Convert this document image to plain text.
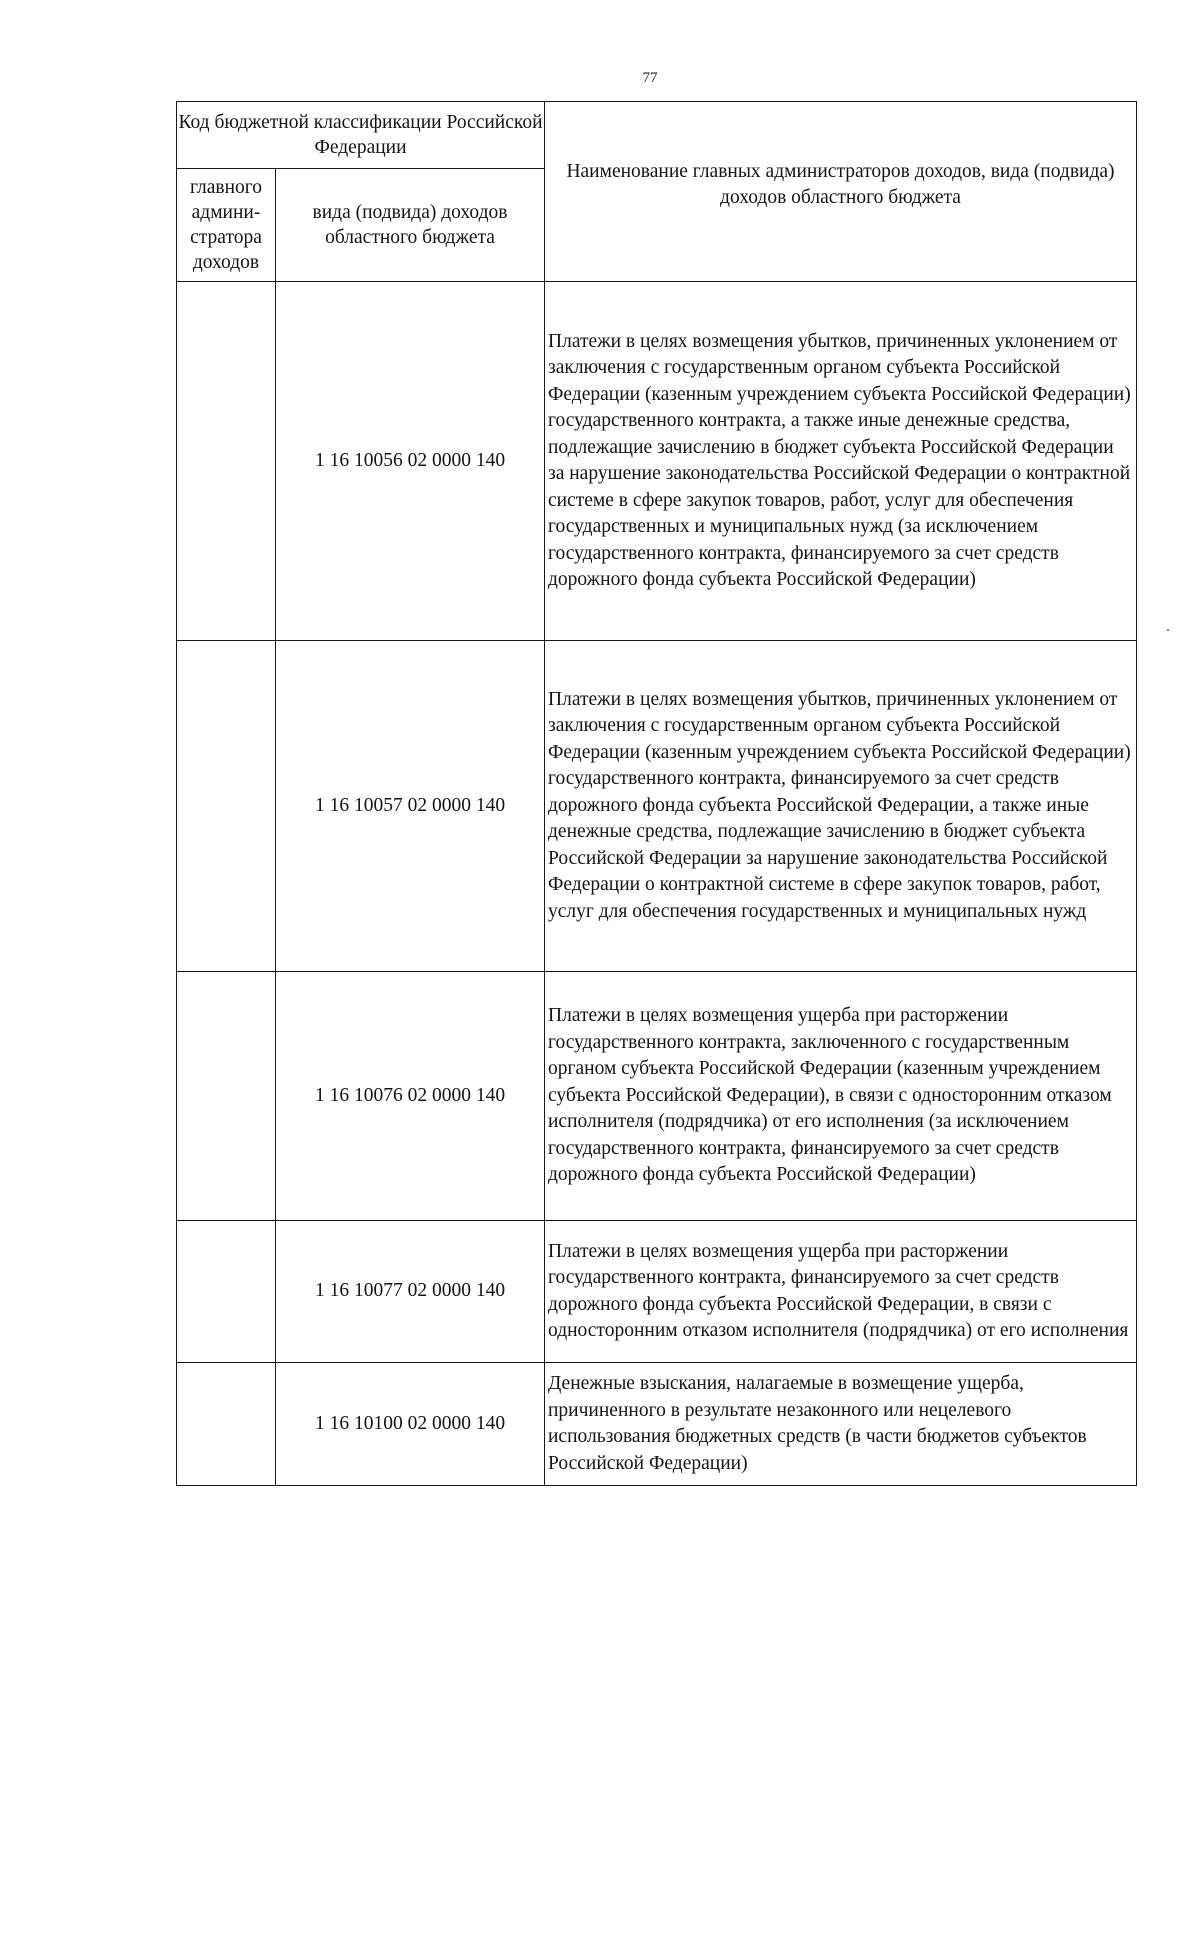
77
Код бюджетной классификации Российской Федерации		Наименование главных администраторов доходов, вида (подвида) доходов областного бюджета
главного админи-стратора доходов	вида (подвида) доходов областного бюджета	
	1 16 10056 02 0000 140	Платежи в целях возмещения убытков, причиненных уклонением от заключения с государственным органом субъекта Российской Федерации (казенным учреждением субъекта Российской Федерации) государственного контракта, а также иные денежные средства, подлежащие зачислению в бюджет субъекта Российской Федерации за нарушение законодательства Российской Федерации о контрактной системе в сфере закупок товаров, работ, услуг для обеспечения государственных и муниципальных нужд (за исключением государственного контракта, финансируемого за счет средств дорожного фонда субъекта Российской Федерации)
	1 16 10057 02 0000 140	Платежи в целях возмещения убытков, причиненных уклонением от заключения с государственным органом субъекта Российской Федерации (казенным учреждением субъекта Российской Федерации) государственного контракта, финансируемого за счет средств дорожного фонда субъекта Российской Федерации, а также иные денежные средства, подлежащие зачислению в бюджет субъекта Российской Федерации за нарушение законодательства Российской Федерации о контрактной системе в сфере закупок товаров, работ, услуг для обеспечения государственных и муниципальных нужд
	1 16 10076 02 0000 140	Платежи в целях возмещения ущерба при расторжении государственного контракта, заключенного с государственным органом субъекта Российской Федерации (казенным учреждением субъекта Российской Федерации), в связи с односторонним отказом исполнителя (подрядчика) от его исполнения (за исключением государственного контракта, финансируемого за счет средств дорожного фонда субъекта Российской Федерации)
	1 16 10077 02 0000 140	Платежи в целях возмещения ущерба при расторжении государственного контракта, финансируемого за счет средств дорожного фонда субъекта Российской Федерации, в связи с односторонним отказом исполнителя (подрядчика) от его исполнения
	1 16 10100 02 0000 140	Денежные взыскания, налагаемые в возмещение ущерба, причиненного в результате незаконного или нецелевого использования бюджетных средств (в части бюджетов субъектов Российской Федерации)
